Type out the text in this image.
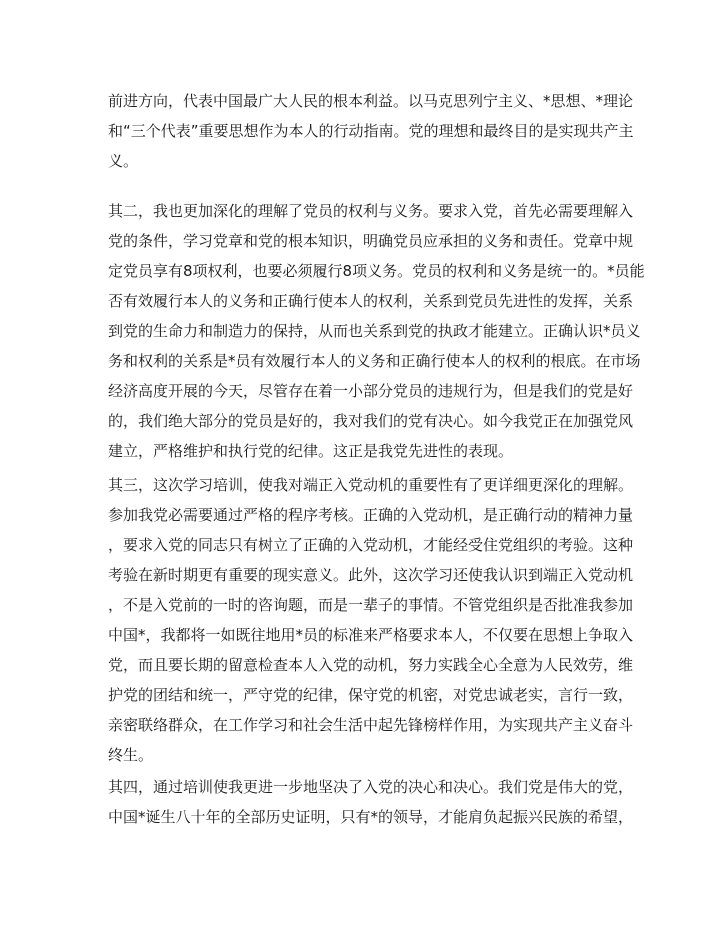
前进方向，代表中国最广大人民的根本利益。以马克思列宁主义、*思想、*理论
和“三个代表”重要思想作为本人的行动指南。党的理想和最终目的是实现共产主
义。
其二，我也更加深化的理解了党员的权利与义务。要求入党，首先必需要理解入
党的条件，学习党章和党的根本知识，明确党员应承担的义务和责任。党章中规
定党员享有8项权利，也要必须履行8项义务。党员的权利和义务是统一的。*员能
否有效履行本人的义务和正确行使本人的权利，关系到党员先进性的发挥，关系
到党的生命力和制造力的保持，从而也关系到党的执政才能建立。正确认识*员义
务和权利的关系是*员有效履行本人的义务和正确行使本人的权利的根底。在市场
经济高度开展的今天，尽管存在着一小部分党员的违规行为，但是我们的党是好
的，我们绝大部分的党员是好的，我对我们的党有决心。如今我党正在加强党风
建立，严格维护和执行党的纪律。这正是我党先进性的表现。
其三，这次学习培训，使我对端正入党动机的重要性有了更详细更深化的理解。
参加我党必需要通过严格的程序考核。正确的入党动机，是正确行动的精神力量
，要求入党的同志只有树立了正确的入党动机，才能经受住党组织的考验。这种
考验在新时期更有重要的现实意义。此外，这次学习还使我认识到端正入党动机
，不是入党前的一时的咨询题，而是一辈子的事情。不管党组织是否批准我参加
中国*，我都将一如既往地用*员的标准来严格要求本人，不仅要在思想上争取入
党，而且要长期的留意检查本人入党的动机，努力实践全心全意为人民效劳，维
护党的团结和统一，严守党的纪律，保守党的机密，对党忠诚老实，言行一致，
亲密联络群众，在工作学习和社会生活中起先锋榜样作用，为实现共产主义奋斗
终生。
其四，通过培训使我更进一步地坚决了入党的决心和决心。我们党是伟大的党，
中国*诞生八十年的全部历史证明，只有*的领导，才能肩负起振兴民族的希望，
